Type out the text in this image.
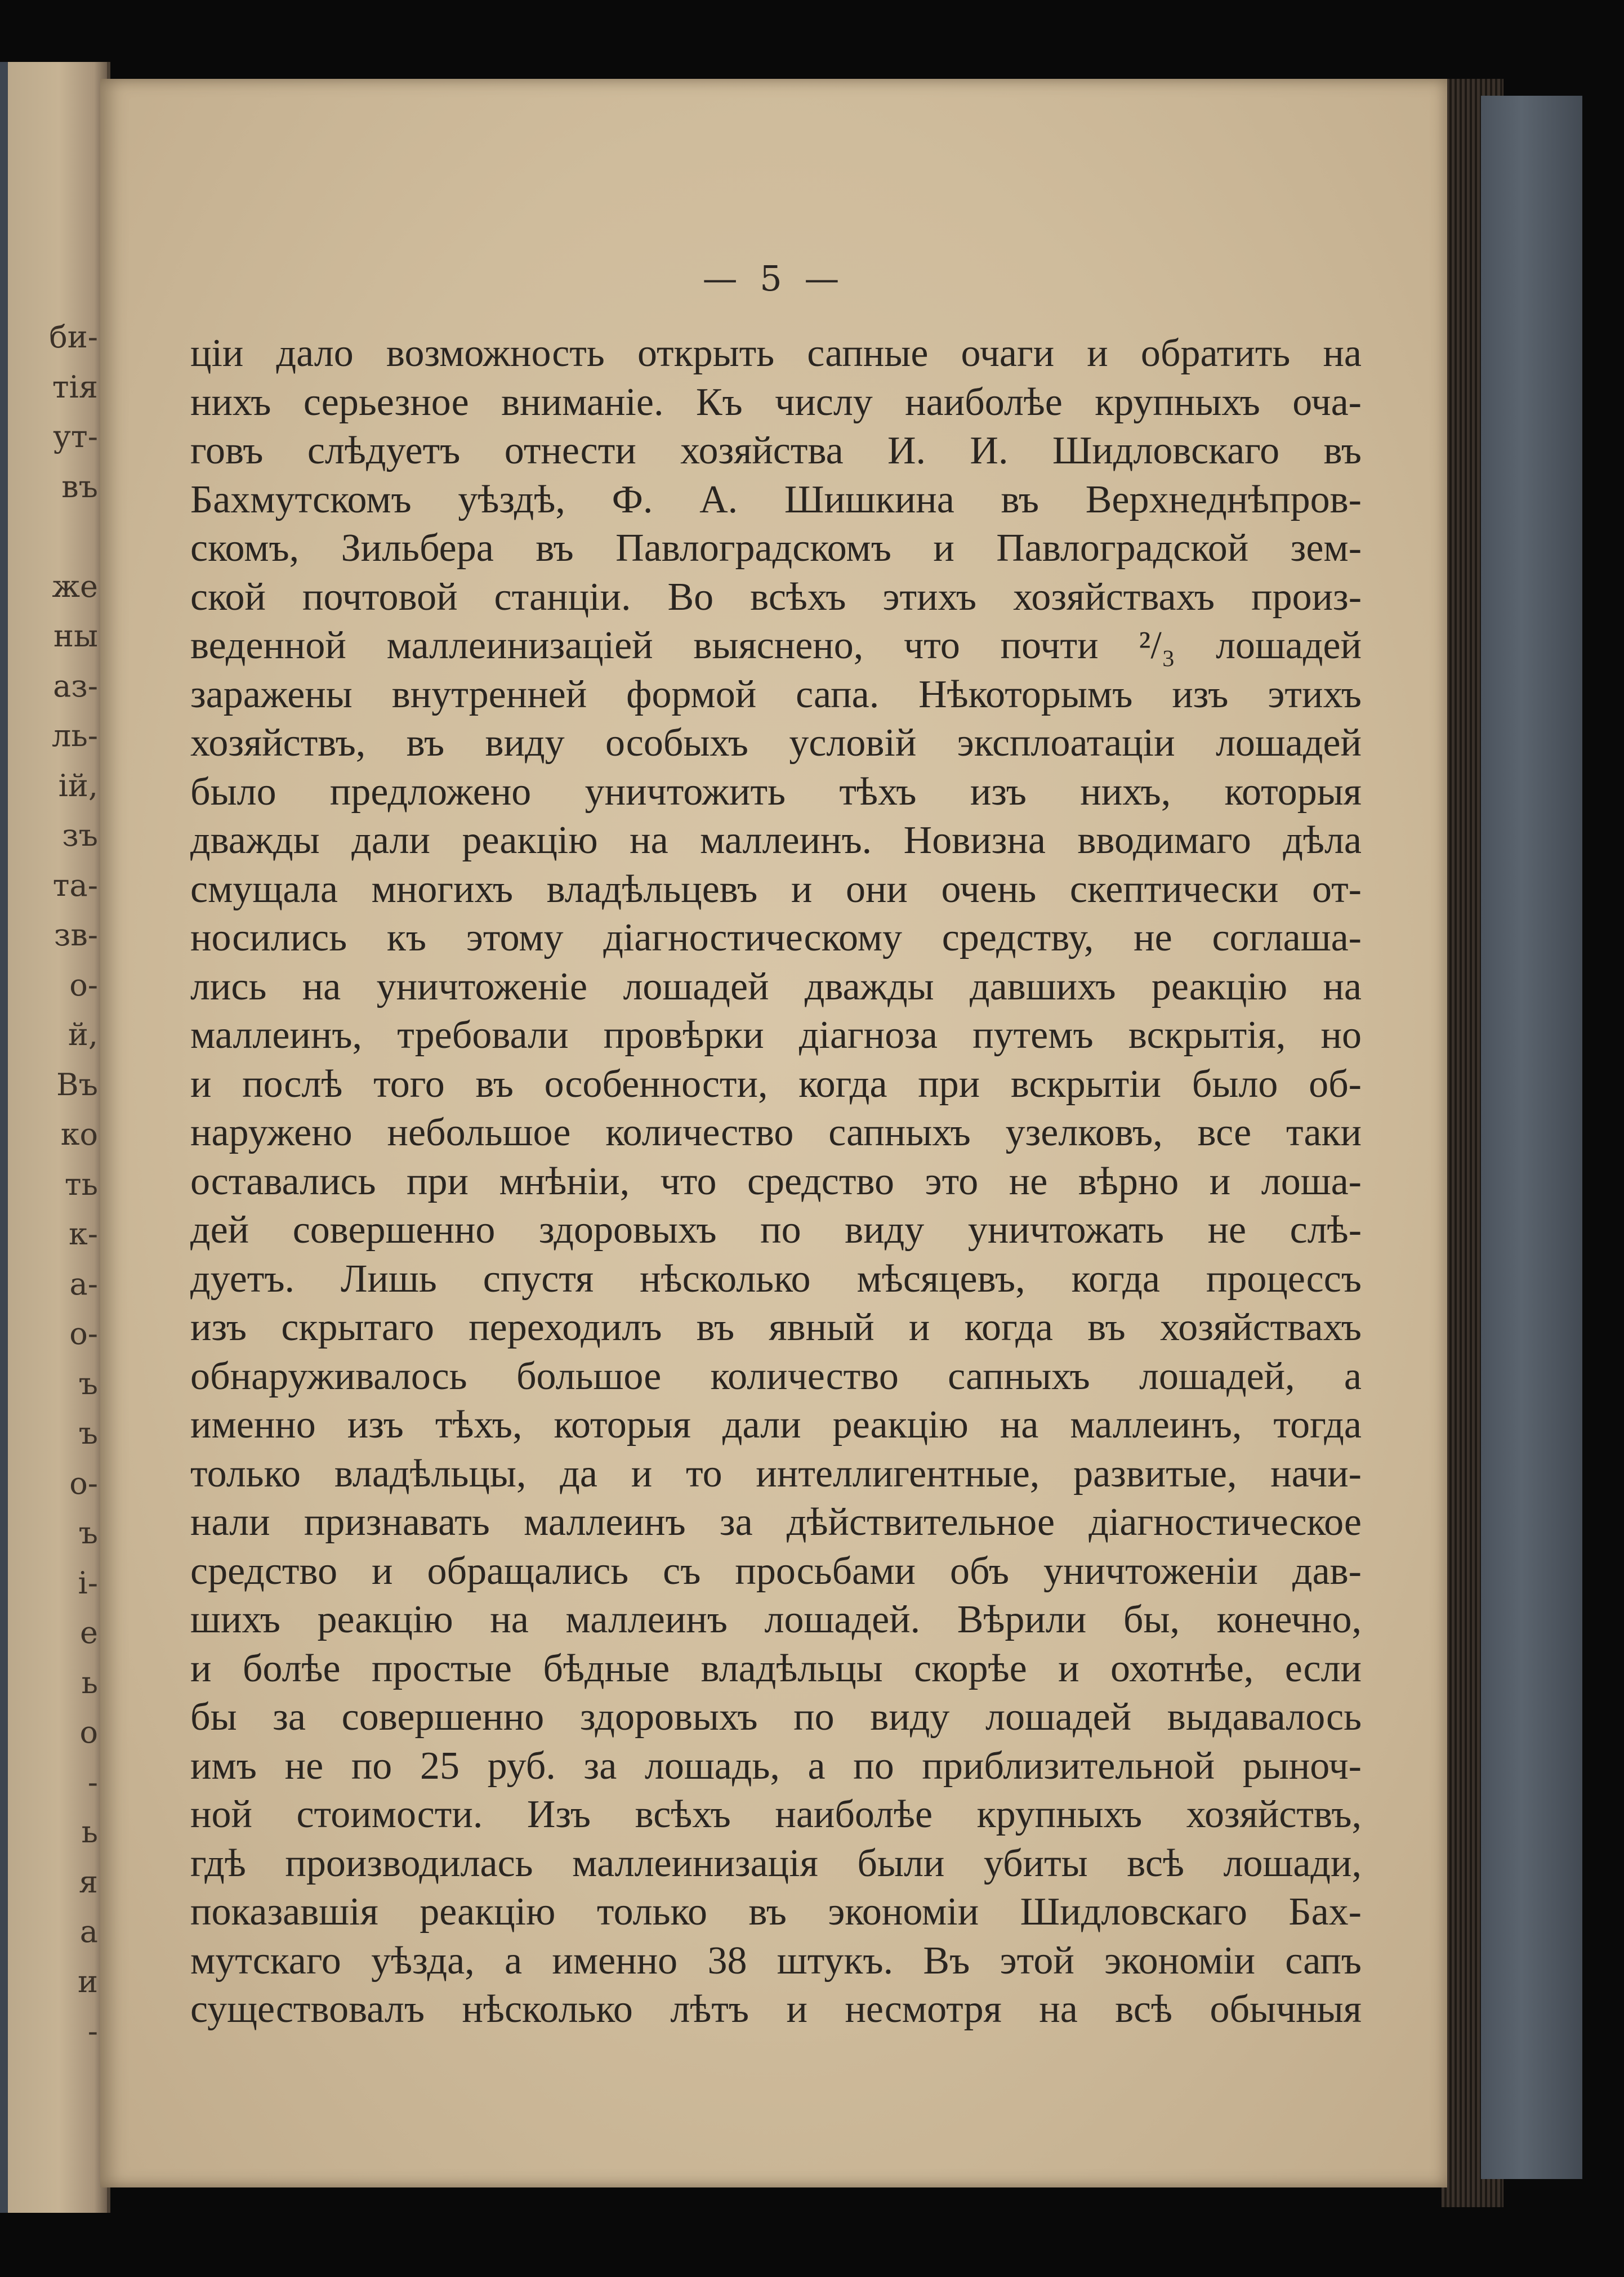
би-
тія
ут-
въ
же
ны
аз-
ль-
ій,
зъ
та-
зв-
о-
й,
Въ
ко
ть
к-
а-
о-
ъ
ъ
о-
ъ
і-
е
ь
о
-
ь
я
а
и
-
— 5 —
ціи дало возможность открыть сапные очаги и обратить на
нихъ серьезное вниманіе. Къ числу наиболѣе крупныхъ оча-
говъ слѣдуетъ отнести хозяйства И. И. Шидловскаго въ
Бахмутскомъ уѣздѣ, Ф. А. Шишкина въ Верхнеднѣпров-
скомъ, Зильбера въ Павлоградскомъ и Павлоградской зем-
ской почтовой станціи. Во всѣхъ этихъ хозяйствахъ произ-
веденной маллеинизаціей выяснено, что почти ²/₃ лошадей
заражены внутренней формой сапа. Нѣкоторымъ изъ этихъ
хозяйствъ, въ виду особыхъ условій эксплоатаціи лошадей
было предложено уничтожить тѣхъ изъ нихъ, которыя
дважды дали реакцію на маллеинъ. Новизна вводимаго дѣла
смущала многихъ владѣльцевъ и они очень скептически от-
носились къ этому діагностическому средству, не соглаша-
лись на уничтоженіе лошадей дважды давшихъ реакцію на
маллеинъ, требовали провѣрки діагноза путемъ вскрытія, но
и послѣ того въ особенности, когда при вскрытіи было об-
наружено небольшое количество сапныхъ узелковъ, все таки
оставались при мнѣніи, что средство это не вѣрно и лоша-
дей совершенно здоровыхъ по виду уничтожать не слѣ-
дуетъ. Лишь спустя нѣсколько мѣсяцевъ, когда процессъ
изъ скрытаго переходилъ въ явный и когда въ хозяйствахъ
обнаруживалось большое количество сапныхъ лошадей, а
именно изъ тѣхъ, которыя дали реакцію на маллеинъ, тогда
только владѣльцы, да и то интеллигентные, развитые, начи-
нали признавать маллеинъ за дѣйствительное діагностическое
средство и обращались съ просьбами объ уничтоженіи дав-
шихъ реакцію на маллеинъ лошадей. Вѣрили бы, конечно,
и болѣе простые бѣдные владѣльцы скорѣе и охотнѣе, если
бы за совершенно здоровыхъ по виду лошадей выдавалось
имъ не по 25 руб. за лошадь, а по приблизительной рыноч-
ной стоимости. Изъ всѣхъ наиболѣе крупныхъ хозяйствъ,
гдѣ производилась маллеинизація были убиты всѣ лошади,
показавшія реакцію только въ экономіи Шидловскаго Бах-
мутскаго уѣзда, а именно 38 штукъ. Въ этой экономіи сапъ
существовалъ нѣсколько лѣтъ и несмотря на всѣ обычныя
